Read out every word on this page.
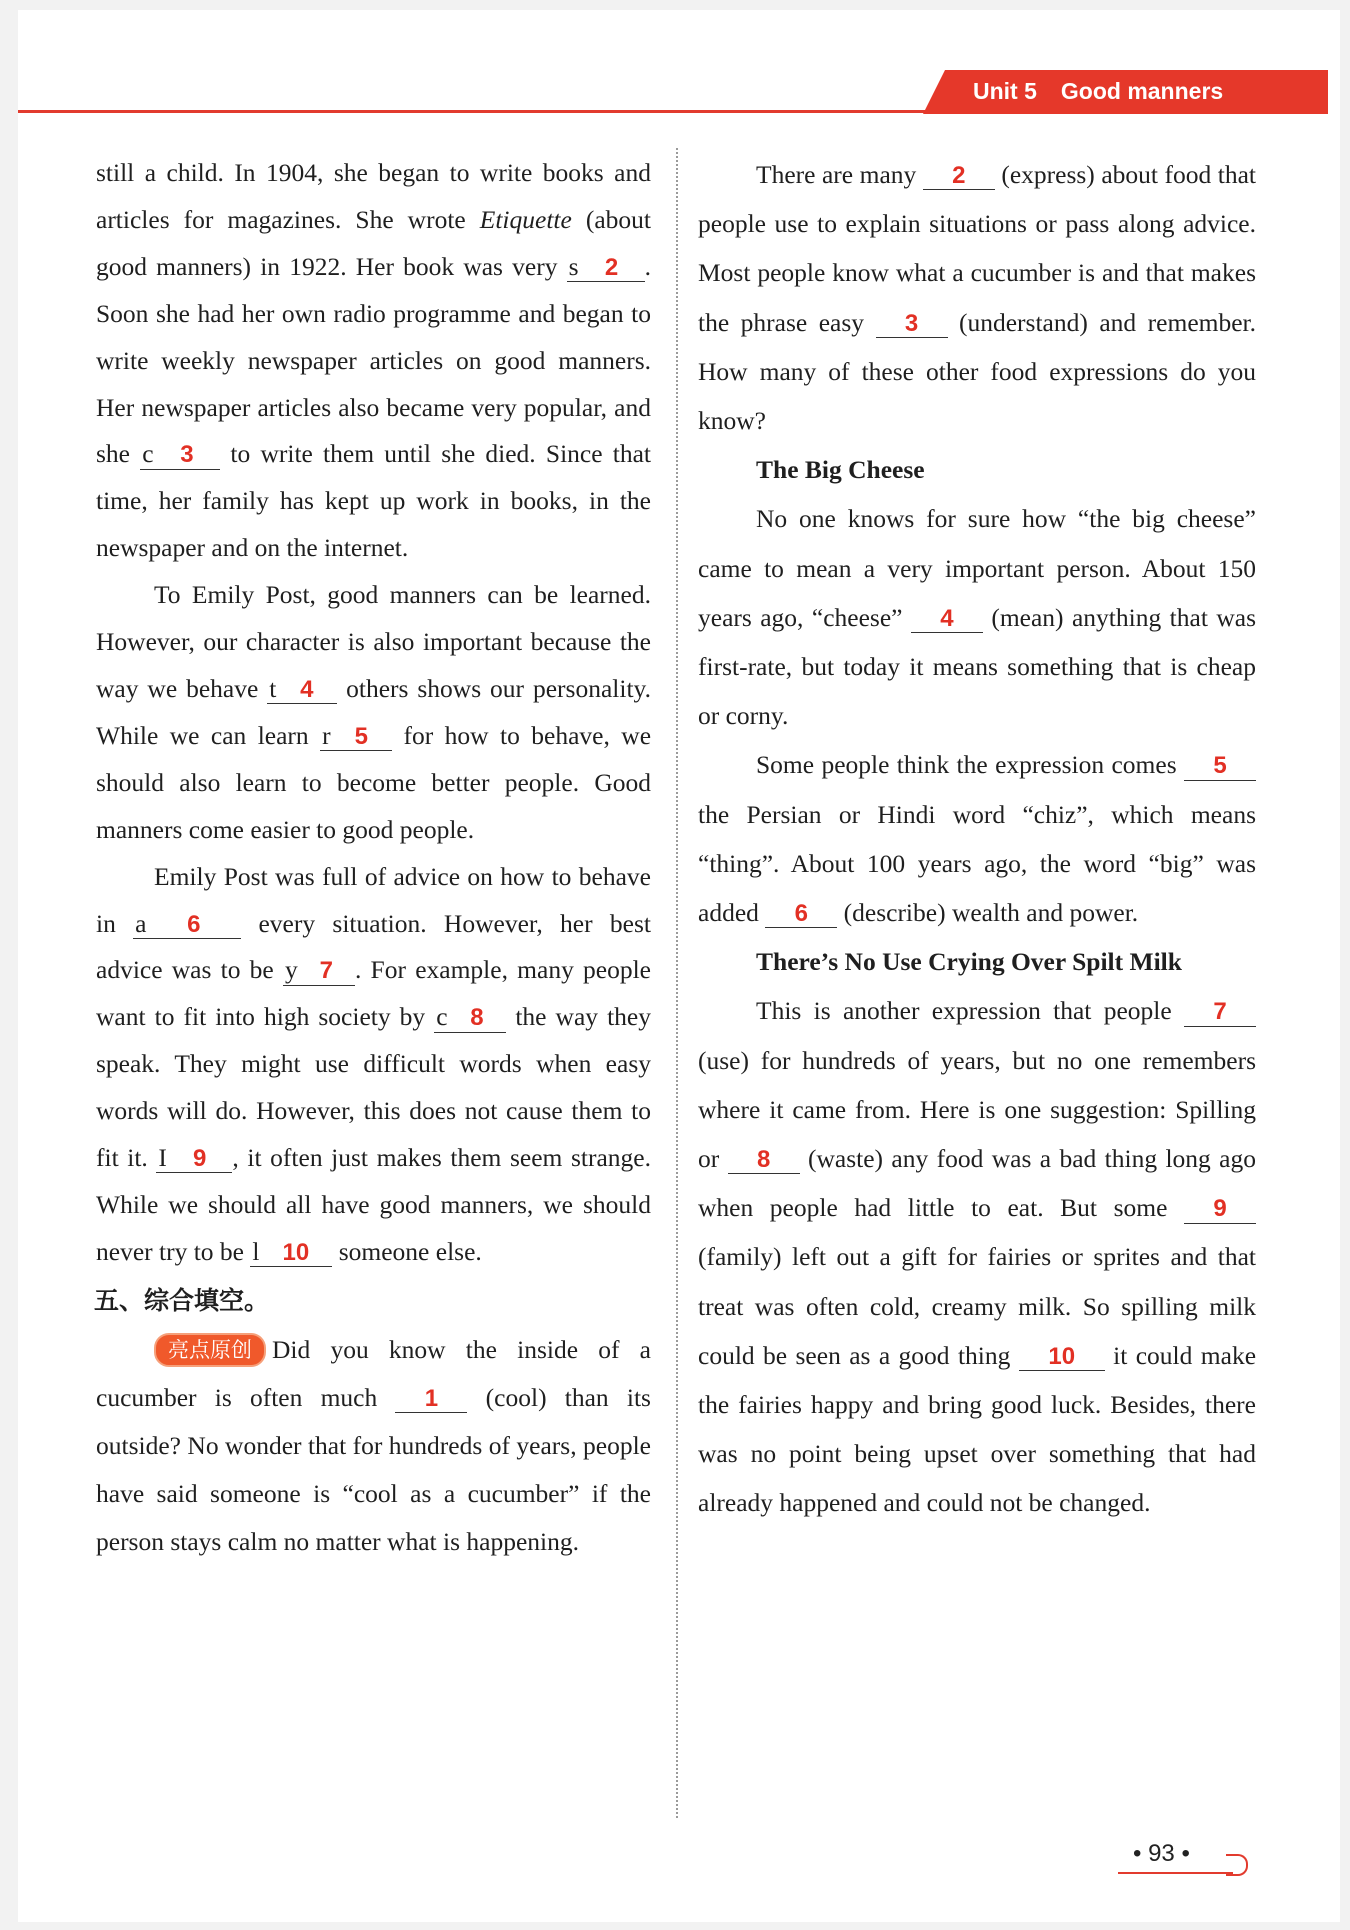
Unit 5 Good manners

still a child. In 1904, she began to write books and articles for magazines. She wrote Etiquette (about good manners) in 1922. Her book was very s 2 . Soon she had her own radio programme and began to write weekly newspaper articles on good manners. Her newspaper articles also became very popular, and she c 3 to write them until she died. Since that time, her family has kept up work in books, in the newspaper and on the internet.

To Emily Post, good manners can be learned. However, our character is also important because the way we behave t 4 others shows our personality. While we can learn r 5 for how to behave, we should also learn to become better people. Good manners come easier to good people.

Emily Post was full of advice on how to behave in a 6 every situation. However, her best advice was to be y 7 . For example, many people want to fit into high society by c 8 the way they speak. They might use difficult words when easy words will do. However, this does not cause them to fit it. I 9 , it often just makes them seem strange. While we should all have good manners, we should never try to be l 10 someone else.

五、综合填空。

亮点原创 Did you know the inside of a cucumber is often much 1 (cool) than its outside? No wonder that for hundreds of years, people have said someone is “cool as a cucumber” if the person stays calm no matter what is happening.

There are many 2 (express) about food that people use to explain situations or pass along advice. Most people know what a cucumber is and that makes the phrase easy 3 (understand) and remember. How many of these other food expressions do you know?

The Big Cheese

No one knows for sure how “the big cheese” came to mean a very important person. About 150 years ago, “cheese” 4 (mean) anything that was first-rate, but today it means something that is cheap or corny.

Some people think the expression comes 5 the Persian or Hindi word “chiz”, which means “thing”. About 100 years ago, the word “big” was added 6 (describe) wealth and power.

There’s No Use Crying Over Spilt Milk

This is another expression that people 7 (use) for hundreds of years, but no one remembers where it came from. Here is one suggestion: Spilling or 8 (waste) any food was a bad thing long ago when people had little to eat. But some 9 (family) left out a gift for fairies or sprites and that treat was often cold, creamy milk. So spilling milk could be seen as a good thing 10 it could make the fairies happy and bring good luck. Besides, there was no point being upset over something that had already happened and could not be changed.

• 93 •
